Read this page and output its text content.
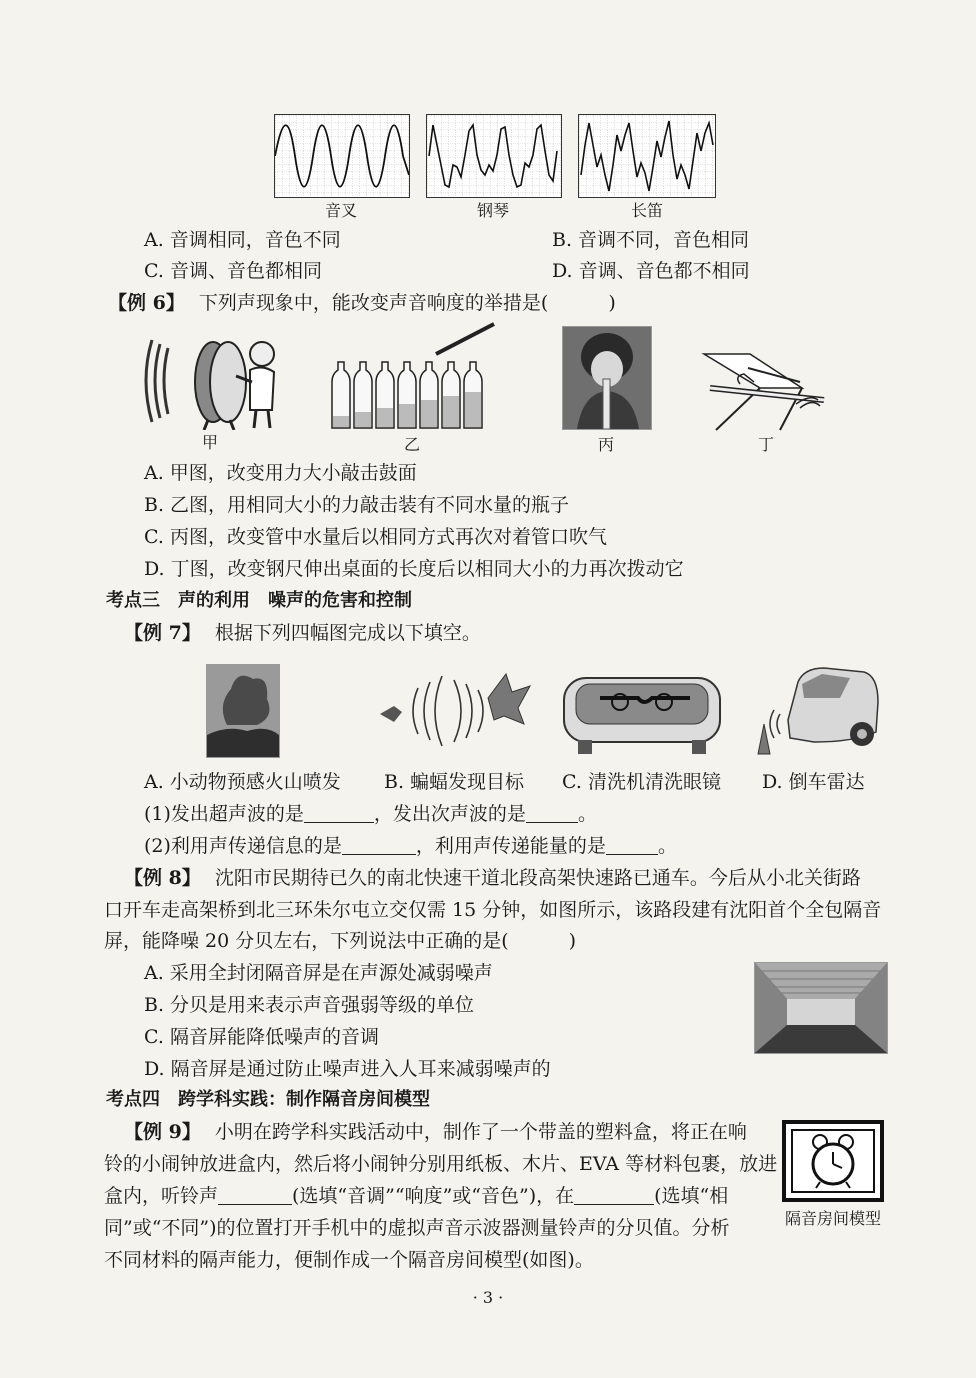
音叉	钢琴	长笛
A. 音调相同，音色不同	B. 音调不同，音色相同
C. 音调、音色都相同	D. 音调、音色都不相同
【例 6】 下列声现象中，能改变声音响度的举措是(	)
甲	乙	丙	丁
A. 甲图，改变用力大小敲击鼓面
B. 乙图，用相同大小的力敲击装有不同水量的瓶子
C. 丙图，改变管中水量后以相同方式再次对着管口吹气
D. 丁图，改变钢尺伸出桌面的长度后以相同大小的力再次拨动它
考点三　声的利用　噪声的危害和控制
【例 7】 根据下列四幅图完成以下填空。
A. 小动物预感火山喷发 B. 蝙蝠发现目标 C. 清洗机清洗眼镜 D. 倒车雷达
(1)发出超声波的是	，发出次声波的是	。
(2)利用声传递信息的是	，利用声传递能量的是	。
【例 8】 沈阳市民期待已久的南北快速干道北段高架快速路已通车。今后从小北关街路
口开车走高架桥到北三环朱尔屯立交仅需 15 分钟，如图所示，该路段建有沈阳首个全包隔音
屏，能降噪 20 分贝左右，下列说法中正确的是(	)
A. 采用全封闭隔音屏是在声源处减弱噪声
B. 分贝是用来表示声音强弱等级的单位
C. 隔音屏能降低噪声的音调
D. 隔音屏是通过防止噪声进入人耳来减弱噪声的
考点四　跨学科实践：制作隔音房间模型
【例 9】 小明在跨学科实践活动中，制作了一个带盖的塑料盒，将正在响
铃的小闹钟放进盒内，然后将小闹钟分别用纸板、木片、EVA 等材料包裹，放进
盒内，听铃声	(选填“音调”“响度”或“音色”)，在	(选填“相
同”或“不同”)的位置打开手机中的虚拟声音示波器测量铃声的分贝值。分析
不同材料的隔声能力，便制作成一个隔音房间模型(如图)。
隔音房间模型
· 3 ·
